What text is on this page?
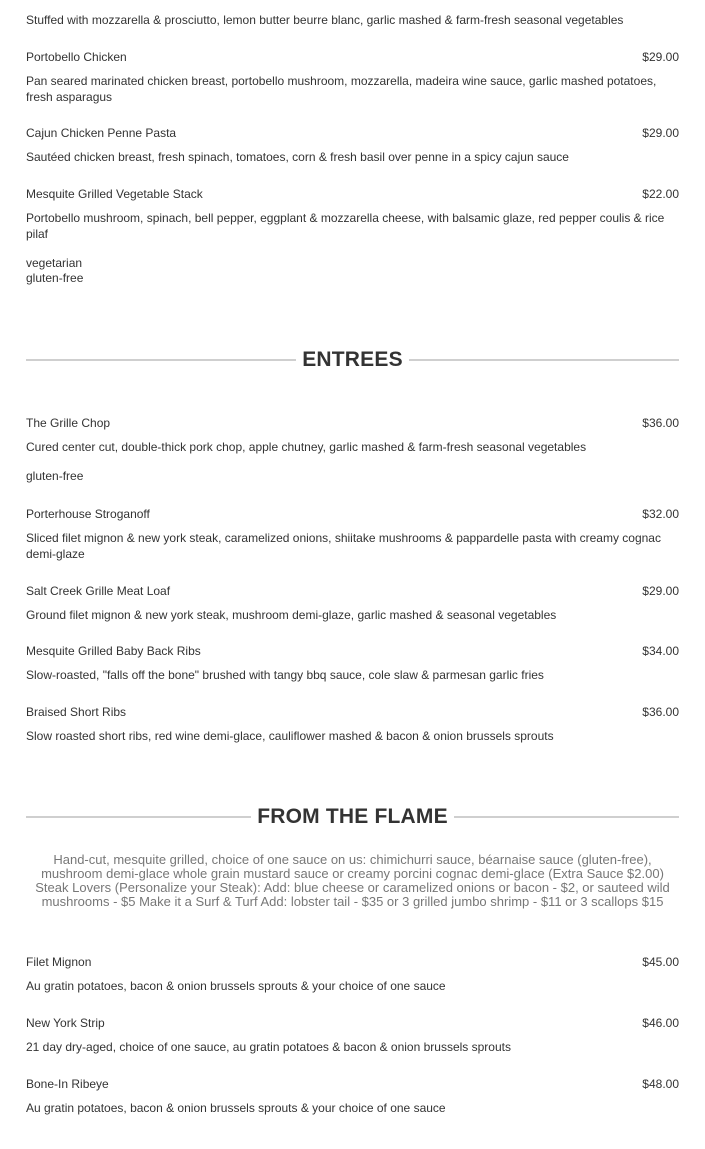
Stuffed with mozzarella & prosciutto, lemon butter beurre blanc, garlic mashed & farm-fresh seasonal vegetables
Portobello Chicken	$29.00
Pan seared marinated chicken breast, portobello mushroom, mozzarella, madeira wine sauce, garlic mashed potatoes, fresh asparagus
Cajun Chicken Penne Pasta	$29.00
Sautéed chicken breast, fresh spinach, tomatoes, corn & fresh basil over penne in a spicy cajun sauce
Mesquite Grilled Vegetable Stack	$22.00
Portobello mushroom, spinach, bell pepper, eggplant & mozzarella cheese, with balsamic glaze, red pepper coulis & rice pilaf
vegetarian
gluten-free
ENTREES
The Grille Chop	$36.00
Cured center cut, double-thick pork chop, apple chutney, garlic mashed & farm-fresh seasonal vegetables
gluten-free
Porterhouse Stroganoff	$32.00
Sliced filet mignon & new york steak, caramelized onions, shiitake mushrooms & pappardelle pasta with creamy cognac demi-glaze
Salt Creek Grille Meat Loaf	$29.00
Ground filet mignon & new york steak, mushroom demi-glaze, garlic mashed & seasonal vegetables
Mesquite Grilled Baby Back Ribs	$34.00
Slow-roasted, "falls off the bone" brushed with tangy bbq sauce, cole slaw & parmesan garlic fries
Braised Short Ribs	$36.00
Slow roasted short ribs, red wine demi-glace, cauliflower mashed & bacon & onion brussels sprouts
FROM THE FLAME
Hand-cut, mesquite grilled, choice of one sauce on us: chimichurri sauce, béarnaise sauce (gluten-free), mushroom demi-glace whole grain mustard sauce or creamy porcini cognac demi-glace (Extra Sauce $2.00) Steak Lovers (Personalize your Steak): Add: blue cheese or caramelized onions or bacon - $2, or sauteed wild mushrooms - $5 Make it a Surf & Turf Add: lobster tail - $35 or 3 grilled jumbo shrimp - $11 or 3 scallops $15
Filet Mignon	$45.00
Au gratin potatoes, bacon & onion brussels sprouts & your choice of one sauce
New York Strip	$46.00
21 day dry-aged, choice of one sauce, au gratin potatoes & bacon & onion brussels sprouts
Bone-In Ribeye	$48.00
Au gratin potatoes, bacon & onion brussels sprouts & your choice of one sauce
